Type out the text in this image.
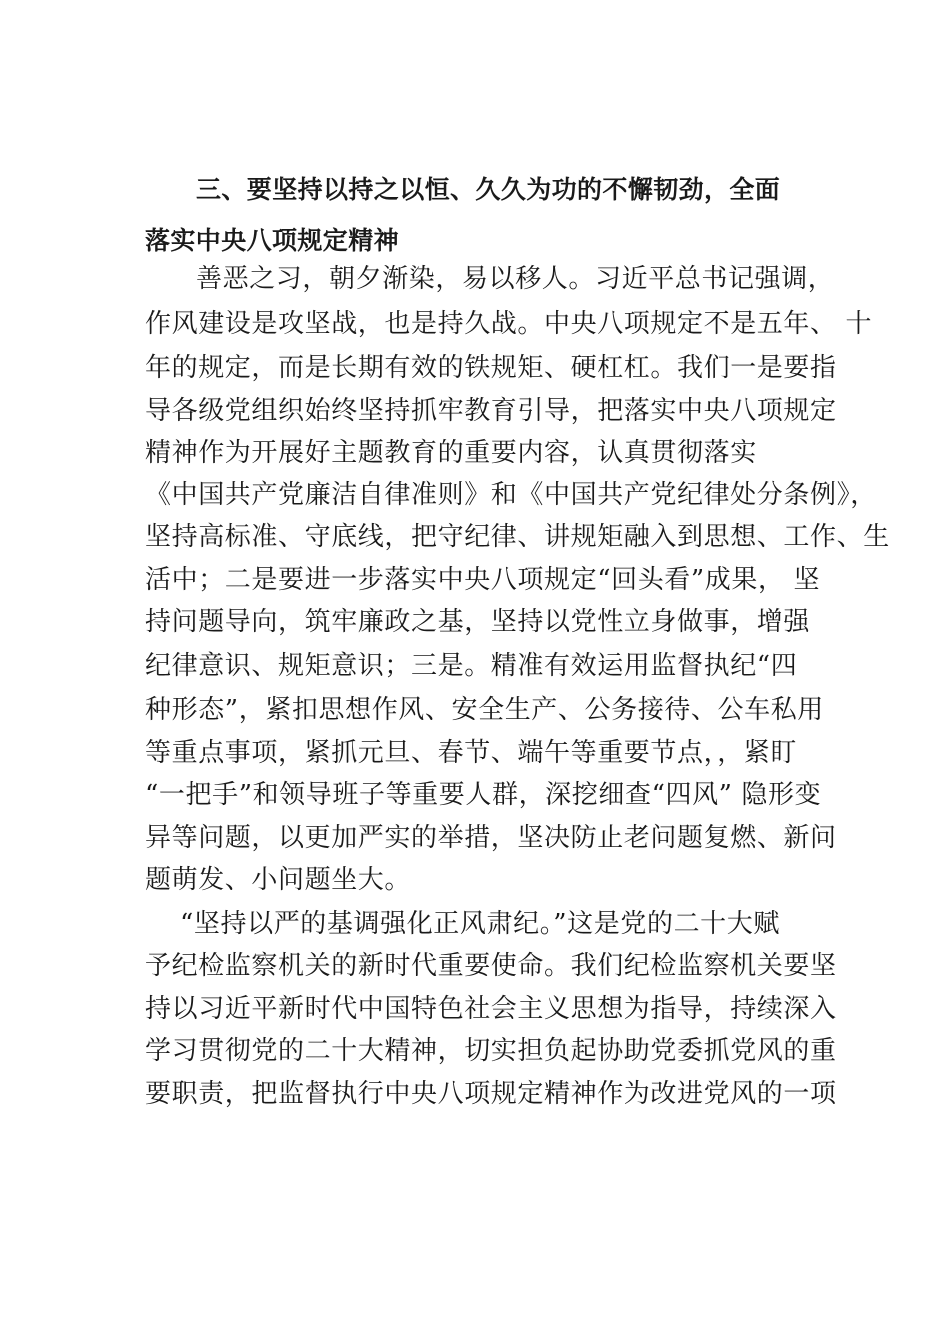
三、要坚持以持之以恒、久久为功的不懈韧劲，全面
落实中央八项规定精神
善恶之习，朝夕渐染，易以移人。习近平总书记强调，
作风建设是攻坚战，也是持久战。中央八项规定不是五年、 十
年的规定，而是长期有效的铁规矩、硬杠杠。我们一是要指
导各级党组织始终坚持抓牢教育引导，把落实中央八项规定
精神作为开展好主题教育的重要内容，认真贯彻落实
《中国共产党廉洁自律准则》和《中国共产党纪律处分条例》，
坚持高标准、守底线，把守纪律、讲规矩融入到思想、工作、生
活中；二是要进一步落实中央八项规定“回头看”成果， 坚
持问题导向，筑牢廉政之基，坚持以党性立身做事，增强
纪律意识、规矩意识；三是。精准有效运用监督执纪“四
种形态”，紧扣思想作风、安全生产、公务接待、公车私用
等重点事项，紧抓元旦、春节、端午等重要节点，，紧盯
“一把手”和领导班子等重要人群，深挖细查“四风” 隐形变
异等问题，以更加严实的举措，坚决防止老问题复燃、新问
题萌发、小问题坐大。
“坚持以严的基调强化正风肃纪。”这是党的二十大赋
予纪检监察机关的新时代重要使命。我们纪检监察机关要坚
持以习近平新时代中国特色社会主义思想为指导，持续深入
学习贯彻党的二十大精神，切实担负起协助党委抓党风的重
要职责，把监督执行中央八项规定精神作为改进党风的一项
